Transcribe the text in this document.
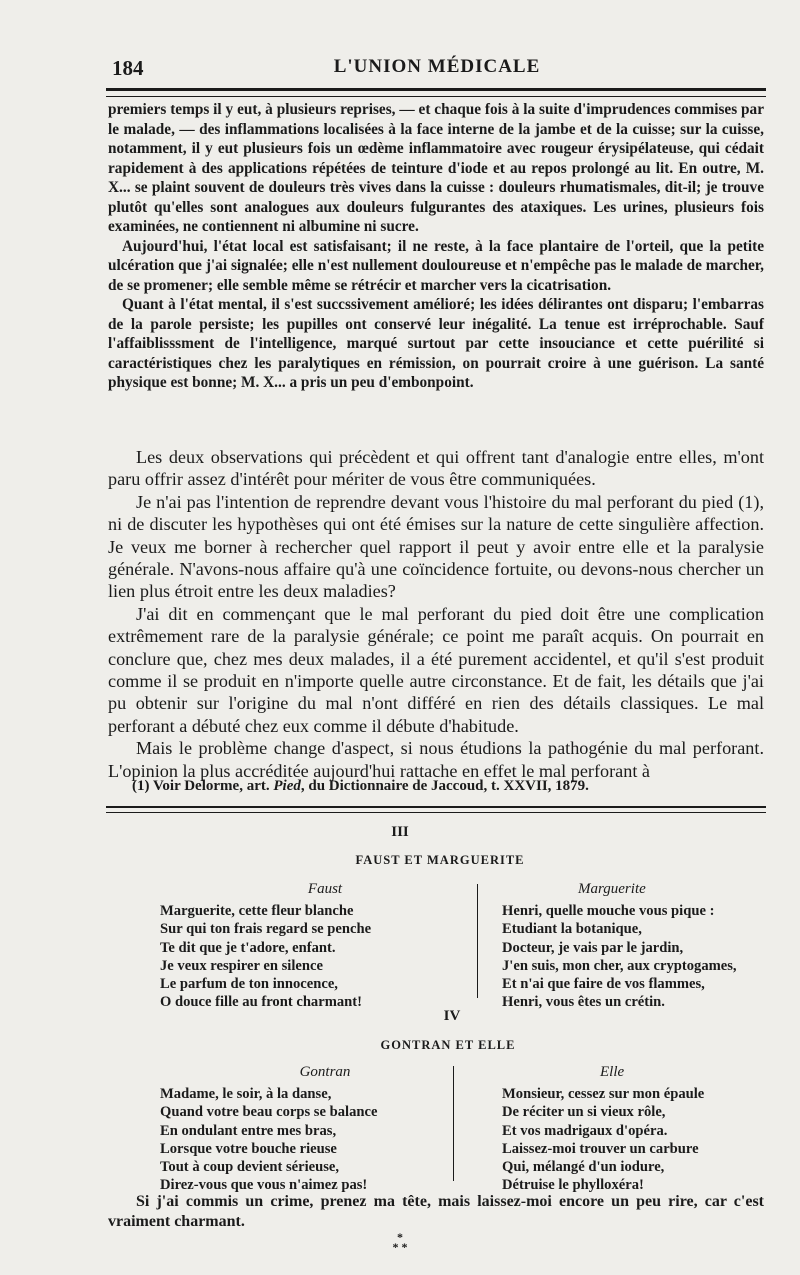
184	L'UNION MÉDICALE

premiers temps il y eut, à plusieurs reprises, — et chaque fois à la suite d'imprudences commises par le malade, — des inflammations localisées à la face interne de la jambe et de la cuisse; sur la cuisse, notamment, il y eut plusieurs fois un œdème inflammatoire avec rougeur érysipélateuse, qui cédait rapidement à des applications répétées de teinture d'iode et au repos prolongé au lit. En outre, M. X... se plaint souvent de douleurs très vives dans la cuisse : douleurs rhumatismales, dit-il; je trouve plutôt qu'elles sont analogues aux douleurs fulgurantes des ataxiques. Les urines, plusieurs fois examinées, ne contiennent ni albumine ni sucre.

Aujourd'hui, l'état local est satisfaisant; il ne reste, à la face plantaire de l'orteil, que la petite ulcération que j'ai signalée; elle n'est nullement douloureuse et n'empêche pas le malade de marcher, de se promener; elle semble même se rétrécir et marcher vers la cicatrisation.

Quant à l'état mental, il s'est succssivement amélioré; les idées délirantes ont disparu; l'embarras de la parole persiste; les pupilles ont conservé leur inégalité. La tenue est irréprochable. Sauf l'affaiblisssment de l'intelligence, marqué surtout par cette insouciance et cette puérilité si caractéristiques chez les paralytiques en rémission, on pourrait croire à une guérison. La santé physique est bonne; M. X... a pris un peu d'embonpoint.

Les deux observations qui précèdent et qui offrent tant d'analogie entre elles, m'ont paru offrir assez d'intérêt pour mériter de vous être communiquées.

Je n'ai pas l'intention de reprendre devant vous l'histoire du mal perforant du pied (1), ni de discuter les hypothèses qui ont été émises sur la nature de cette singulière affection. Je veux me borner à rechercher quel rapport il peut y avoir entre elle et la paralysie générale. N'avons-nous affaire qu'à une coïncidence fortuite, ou devons-nous chercher un lien plus étroit entre les deux maladies?

J'ai dit en commençant que le mal perforant du pied doit être une complication extrêmement rare de la paralysie générale; ce point me paraît acquis. On pourrait en conclure que, chez mes deux malades, il a été purement accidentel, et qu'il s'est produit comme il se produit en n'importe quelle autre circonstance. Et de fait, les détails que j'ai pu obtenir sur l'origine du mal n'ont différé en rien des détails classiques. Le mal perforant a débuté chez eux comme il débute d'habitude.

Mais le problème change d'aspect, si nous étudions la pathogénie du mal perforant. L'opinion la plus accréditée aujourd'hui rattache en effet le mal perforant à

(1) Voir Delorme, art. Pied, du Dictionnaire de Jaccoud, t. XXVII, 1879.
III
FAUST ET MARGUERITE
Faust
Marguerite, cette fleur blanche
Sur qui ton frais regard se penche
Te dit que je t'adore, enfant.
Je veux respirer en silence
Le parfum de ton innocence,
O douce fille au front charmant!
Marguerite
Henri, quelle mouche vous pique :
Etudiant la botanique,
Docteur, je vais par le jardin,
J'en suis, mon cher, aux cryptogames,
Et n'ai que faire de vos flammes,
Henri, vous êtes un crétin.
IV
GONTRAN ET ELLE
Gontran
Madame, le soir, à la danse,
Quand votre beau corps se balance
En ondulant entre mes bras,
Lorsque votre bouche rieuse
Tout à coup devient sérieuse,
Direz-vous que vous n'aimez pas!
Elle
Monsieur, cessez sur mon épaule
De réciter un si vieux rôle,
Et vos madrigaux d'opéra.
Laissez-moi trouver un carbure
Qui, mélangé d'un iodure,
Détruise le phylloxéra!

Si j'ai commis un crime, prenez ma tête, mais laissez-moi encore un peu rire, car c'est vraiment charmant.

*
* *
